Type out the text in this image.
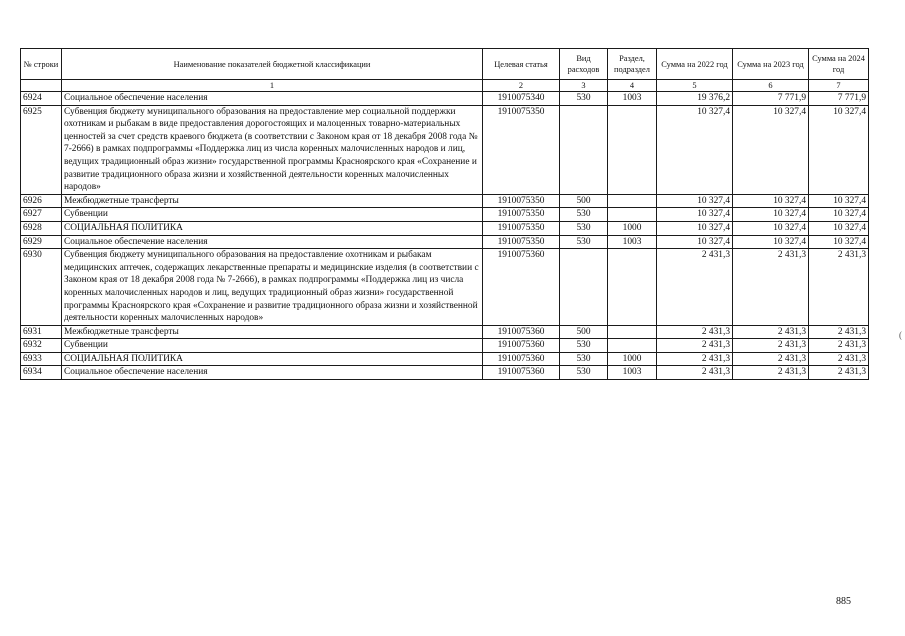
№ строки	Наименование показателей бюджетной классификации	Целевая статья	Вид расходов	Раздел, подраздел	Сумма на 2022 год	Сумма на 2023 год	Сумма на 2024 год
	1	2	3	4	5	6	7
6924	Социальное обеспечение населения	1910075340	530	1003	19 376,2	7 771,9	7 771,9
6925	Субвенция бюджету муниципального образования на предоставление мер социальной поддержки охотникам и рыбакам в виде предоставления дорогостоящих и малоценных товарно-материальных ценностей за счет средств краевого бюджета (в соответствии с Законом края от 18 декабря 2008 года № 7-2666) в рамках подпрограммы «Поддержка лиц из числа коренных малочисленных народов и лиц, ведущих традиционный образ жизни» государственной программы Красноярского края «Сохранение и развитие традиционного образа жизни и хозяйственной деятельности коренных малочисленных народов»	1910075350			10 327,4	10 327,4	10 327,4
6926	Межбюджетные трансферты	1910075350	500		10 327,4	10 327,4	10 327,4
6927	Субвенции	1910075350	530		10 327,4	10 327,4	10 327,4
6928	СОЦИАЛЬНАЯ ПОЛИТИКА	1910075350	530	1000	10 327,4	10 327,4	10 327,4
6929	Социальное обеспечение населения	1910075350	530	1003	10 327,4	10 327,4	10 327,4
6930	Субвенция бюджету муниципального образования на предоставление охотникам и рыбакам медицинских аптечек, содержащих лекарственные препараты и медицинские изделия (в соответствии с Законом края от 18 декабря 2008 года № 7-2666), в рамках подпрограммы «Поддержка лиц из числа коренных малочисленных народов и лиц, ведущих традиционный образ жизни» государственной программы Красноярского края «Сохранение и развитие традиционного образа жизни и хозяйственной деятельности коренных малочисленных народов»	1910075360			2 431,3	2 431,3	2 431,3
6931	Межбюджетные трансферты	1910075360	500		2 431,3	2 431,3	2 431,3
6932	Субвенции	1910075360	530		2 431,3	2 431,3	2 431,3
6933	СОЦИАЛЬНАЯ ПОЛИТИКА	1910075360	530	1000	2 431,3	2 431,3	2 431,3
6934	Социальное обеспечение населения	1910075360	530	1003	2 431,3	2 431,3	2 431,3
885
(
